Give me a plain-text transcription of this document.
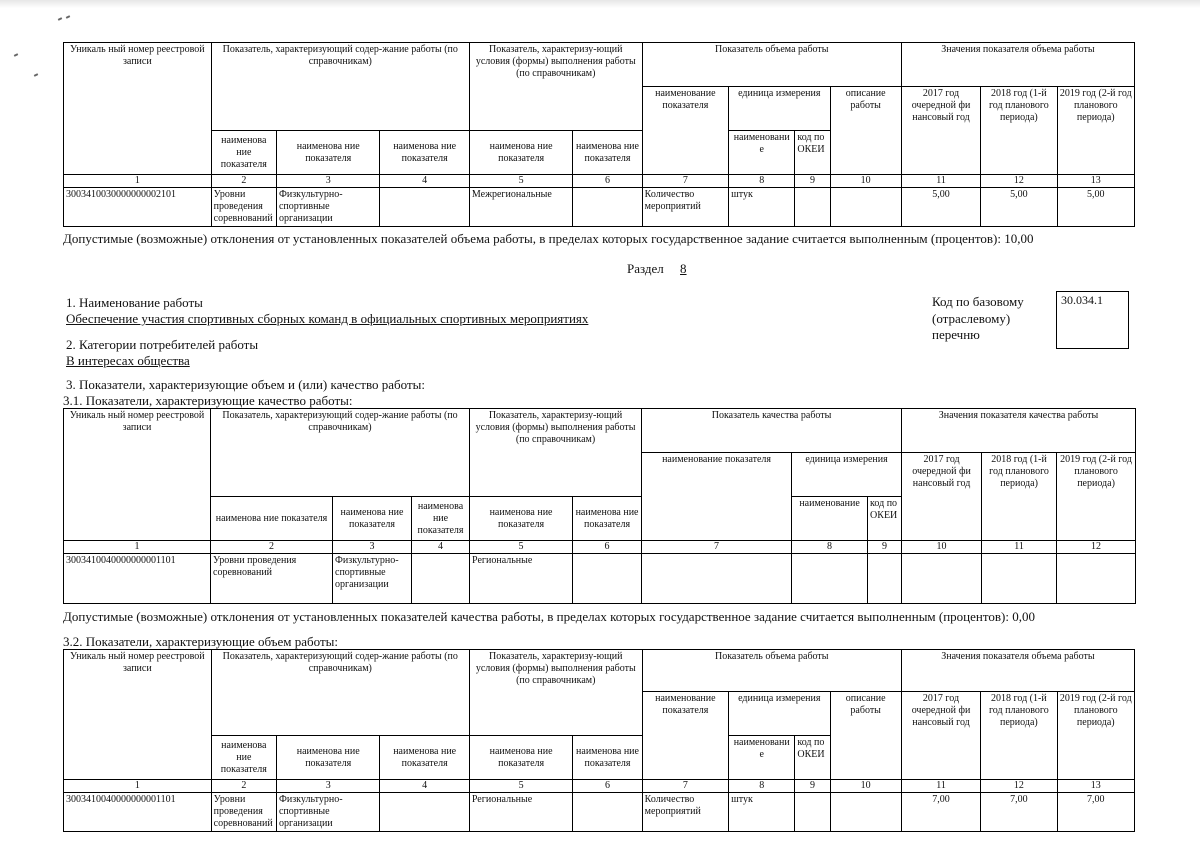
Уникаль ный номер реестровой записи	Показатель, характеризующий содер-жание работы (по справочникам)			Показатель, характеризу-ющий условия (формы) выполнения работы
(по справочникам)		Показатель объема работы				Значения показателя объема работы		
						наименование показателя	единица измерения		описание работы	2017 год очередной фи нансовый год	2018 год (1-й год планового периода)	2019 год (2-й год планового периода)
	наименова ние показателя	наименова ние показателя	наименова ние показателя	наименова ние показателя	наименова ние показателя		наименовани е	код по ОКЕИ				
1	2	3	4	5	6	7	8	9	10	11	12	13
3003410030000000002101	Уровни проведения соревнований	Физкультурно-спортивные организации		Межрегиональные		Количество мероприятий	штук			5,00	5,00	5,00
Допустимые (возможные) отклонения от установленных показателей объема работы, в пределах которых государственное задание считается выполненным (процентов): 10,00
Раздел 8
1. Наименование работы
Обеспечение участия спортивных сборных команд в официальных спортивных мероприятиях
Код по базовому
(отраслевому)
перечню
30.034.1
2. Категории потребителей работы
В интересах общества
3. Показатели, характеризующие объем и (или) качество работы:
3.1. Показатели, характеризующие качество работы:
Уникаль ный номер реестровой записи	Показатель, характеризующий содер-жание работы (по справочникам)			Показатель, характеризу-ющий условия (формы) выполнения работы
(по справочникам)		Показатель качества работы			Значения показателя качества работы		
						наименование показателя	единица измерения		2017 год очередной фи нансовый год	2018 год (1-й год планового периода)	2019 год (2-й год планового периода)
	наименова ние показателя	наименова ние показателя	наименова ние показателя	наименова ние показателя	наименова ние показателя		наименование	код по ОКЕИ			
1	2	3	4	5	6	7	8	9	10	11	12
3003410040000000001101	Уровни проведения соревнований	Физкультурно-спортивные организации		Региональные							
Допустимые (возможные) отклонения от установленных показателей качества работы, в пределах которых государственное задание считается выполненным (процентов): 0,00
3.2. Показатели, характеризующие объем работы:
Уникаль ный номер реестровой записи	Показатель, характеризующий содер-жание работы (по справочникам)			Показатель, характеризу-ющий условия (формы) выполнения работы
(по справочникам)		Показатель объема работы				Значения показателя объема работы		
						наименование показателя	единица измерения		описание работы	2017 год очередной фи нансовый год	2018 год (1-й год планового периода)	2019 год (2-й год планового периода)
	наименова ние показателя	наименова ние показателя	наименова ние показателя	наименова ние показателя	наименова ние показателя		наименовани е	код по ОКЕИ				
1	2	3	4	5	6	7	8	9	10	11	12	13
3003410040000000001101	Уровни проведения соревнований	Физкультурно-спортивные организации		Региональные		Количество мероприятий	штук			7,00	7,00	7,00
